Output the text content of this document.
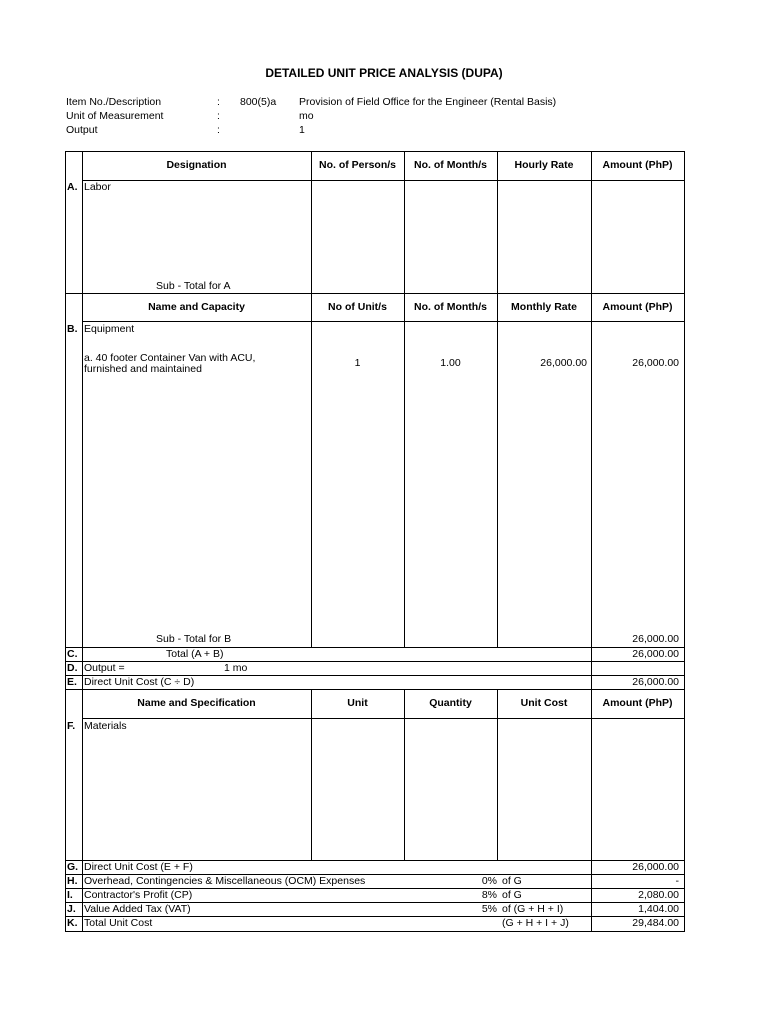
DETAILED UNIT PRICE ANALYSIS (DUPA)
Item No./Description	: 800(5)a Provision of Field Office for the Engineer (Rental Basis)
Unit of Measurement	:	mo
Output	:	1
Designation	No. of Person/s	No. of Month/s	Hourly Rate	Amount (PhP)
A. Labor
Sub - Total for A
Name and Capacity	No of Unit/s	No. of Month/s	Monthly Rate	Amount (PhP)
B. Equipment
a. 40 footer Container Van with ACU,
furnished and maintained	1	1.00	26,000.00	26,000.00
Sub - Total for B	26,000.00
C.	Total (A + B)	26,000.00
D. Output =	1 mo
E. Direct Unit Cost (C ÷ D)	26,000.00
Name and Specification	Unit	Quantity	Unit Cost	Amount (PhP)
F. Materials
G. Direct Unit Cost (E + F)	26,000.00
H. Overhead, Contingencies & Miscellaneous (OCM) Expenses	0% of G	-
I. Contractor's Profit (CP)	8% of G	2,080.00
J. Value Added Tax (VAT)	5% of (G + H + I)	1,404.00
K. Total Unit Cost	(G + H + I + J)	29,484.00
